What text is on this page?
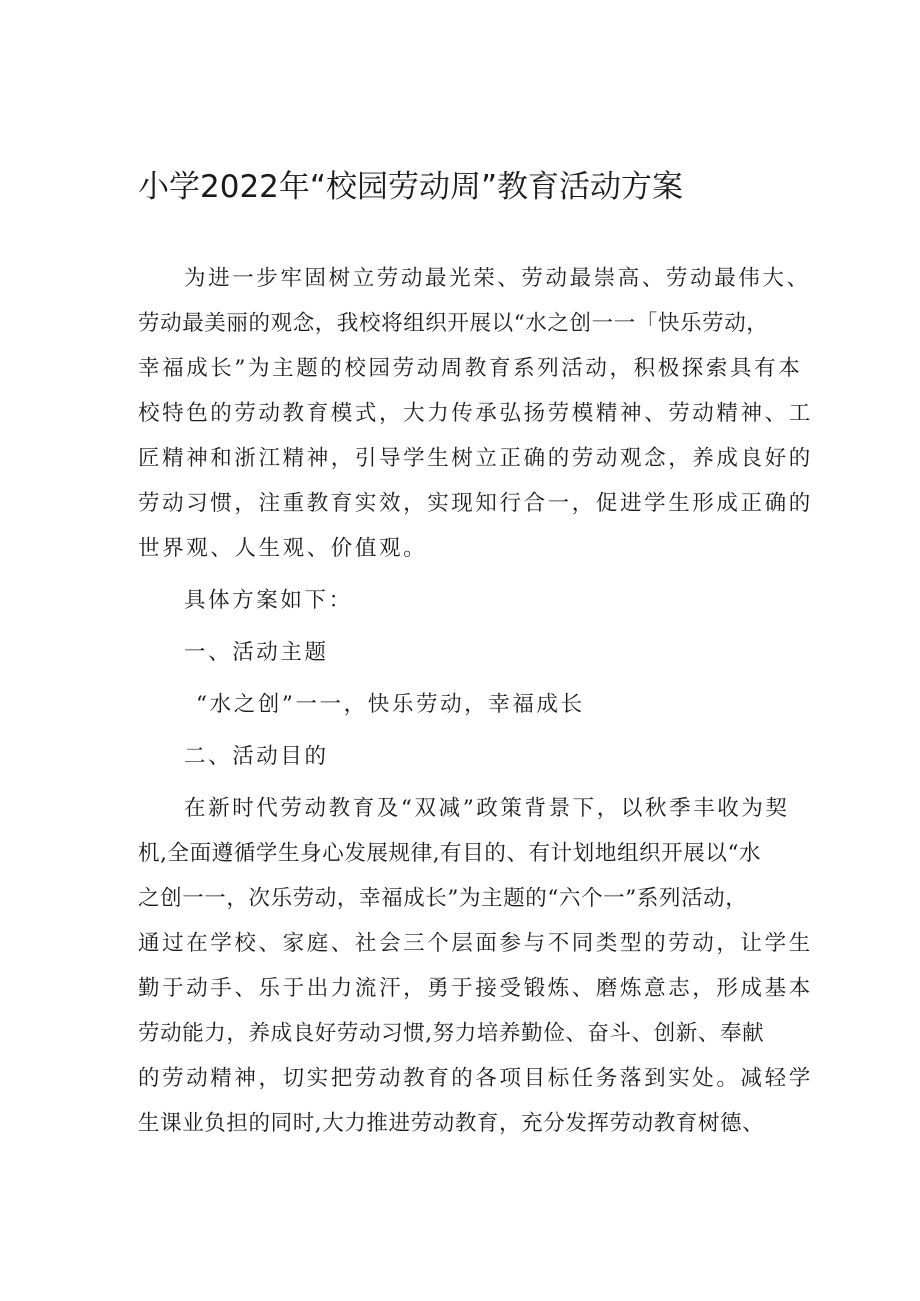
小学2022年“校园劳动周”教育活动方案
为进一步牢固树立劳动最光荣、劳动最崇高、劳动最伟大、
劳动最美丽的观念，我校将组织开展以“水之创一一「快乐劳动，
幸福成长”为主题的校园劳动周教育系列活动，积极探索具有本
校特色的劳动教育模式，大力传承弘扬劳模精神、劳动精神、工
匠精神和浙江精神，引导学生树立正确的劳动观念，养成良好的
劳动习惯，注重教育实效，实现知行合一，促进学生形成正确的
世界观、人生观、价值观。
具体方案如下：
一、活动主题
“水之创”一一，快乐劳动，幸福成长
二、活动目的
在新时代劳动教育及“双减”政策背景下，以秋季丰收为契
机,全面遵循学生身心发展规律,有目的、有计划地组织开展以“水
之创一一，次乐劳动，幸福成长”为主题的“六个一”系列活动，
通过在学校、家庭、社会三个层面参与不同类型的劳动，让学生
勤于动手、乐于出力流汗，勇于接受锻炼、磨炼意志，形成基本
劳动能力，养成良好劳动习惯,努力培养勤俭、奋斗、创新、奉献
的劳动精神，切实把劳动教育的各项目标任务落到实处。减轻学
生课业负担的同时,大力推进劳动教育，充分发挥劳动教育树德、
